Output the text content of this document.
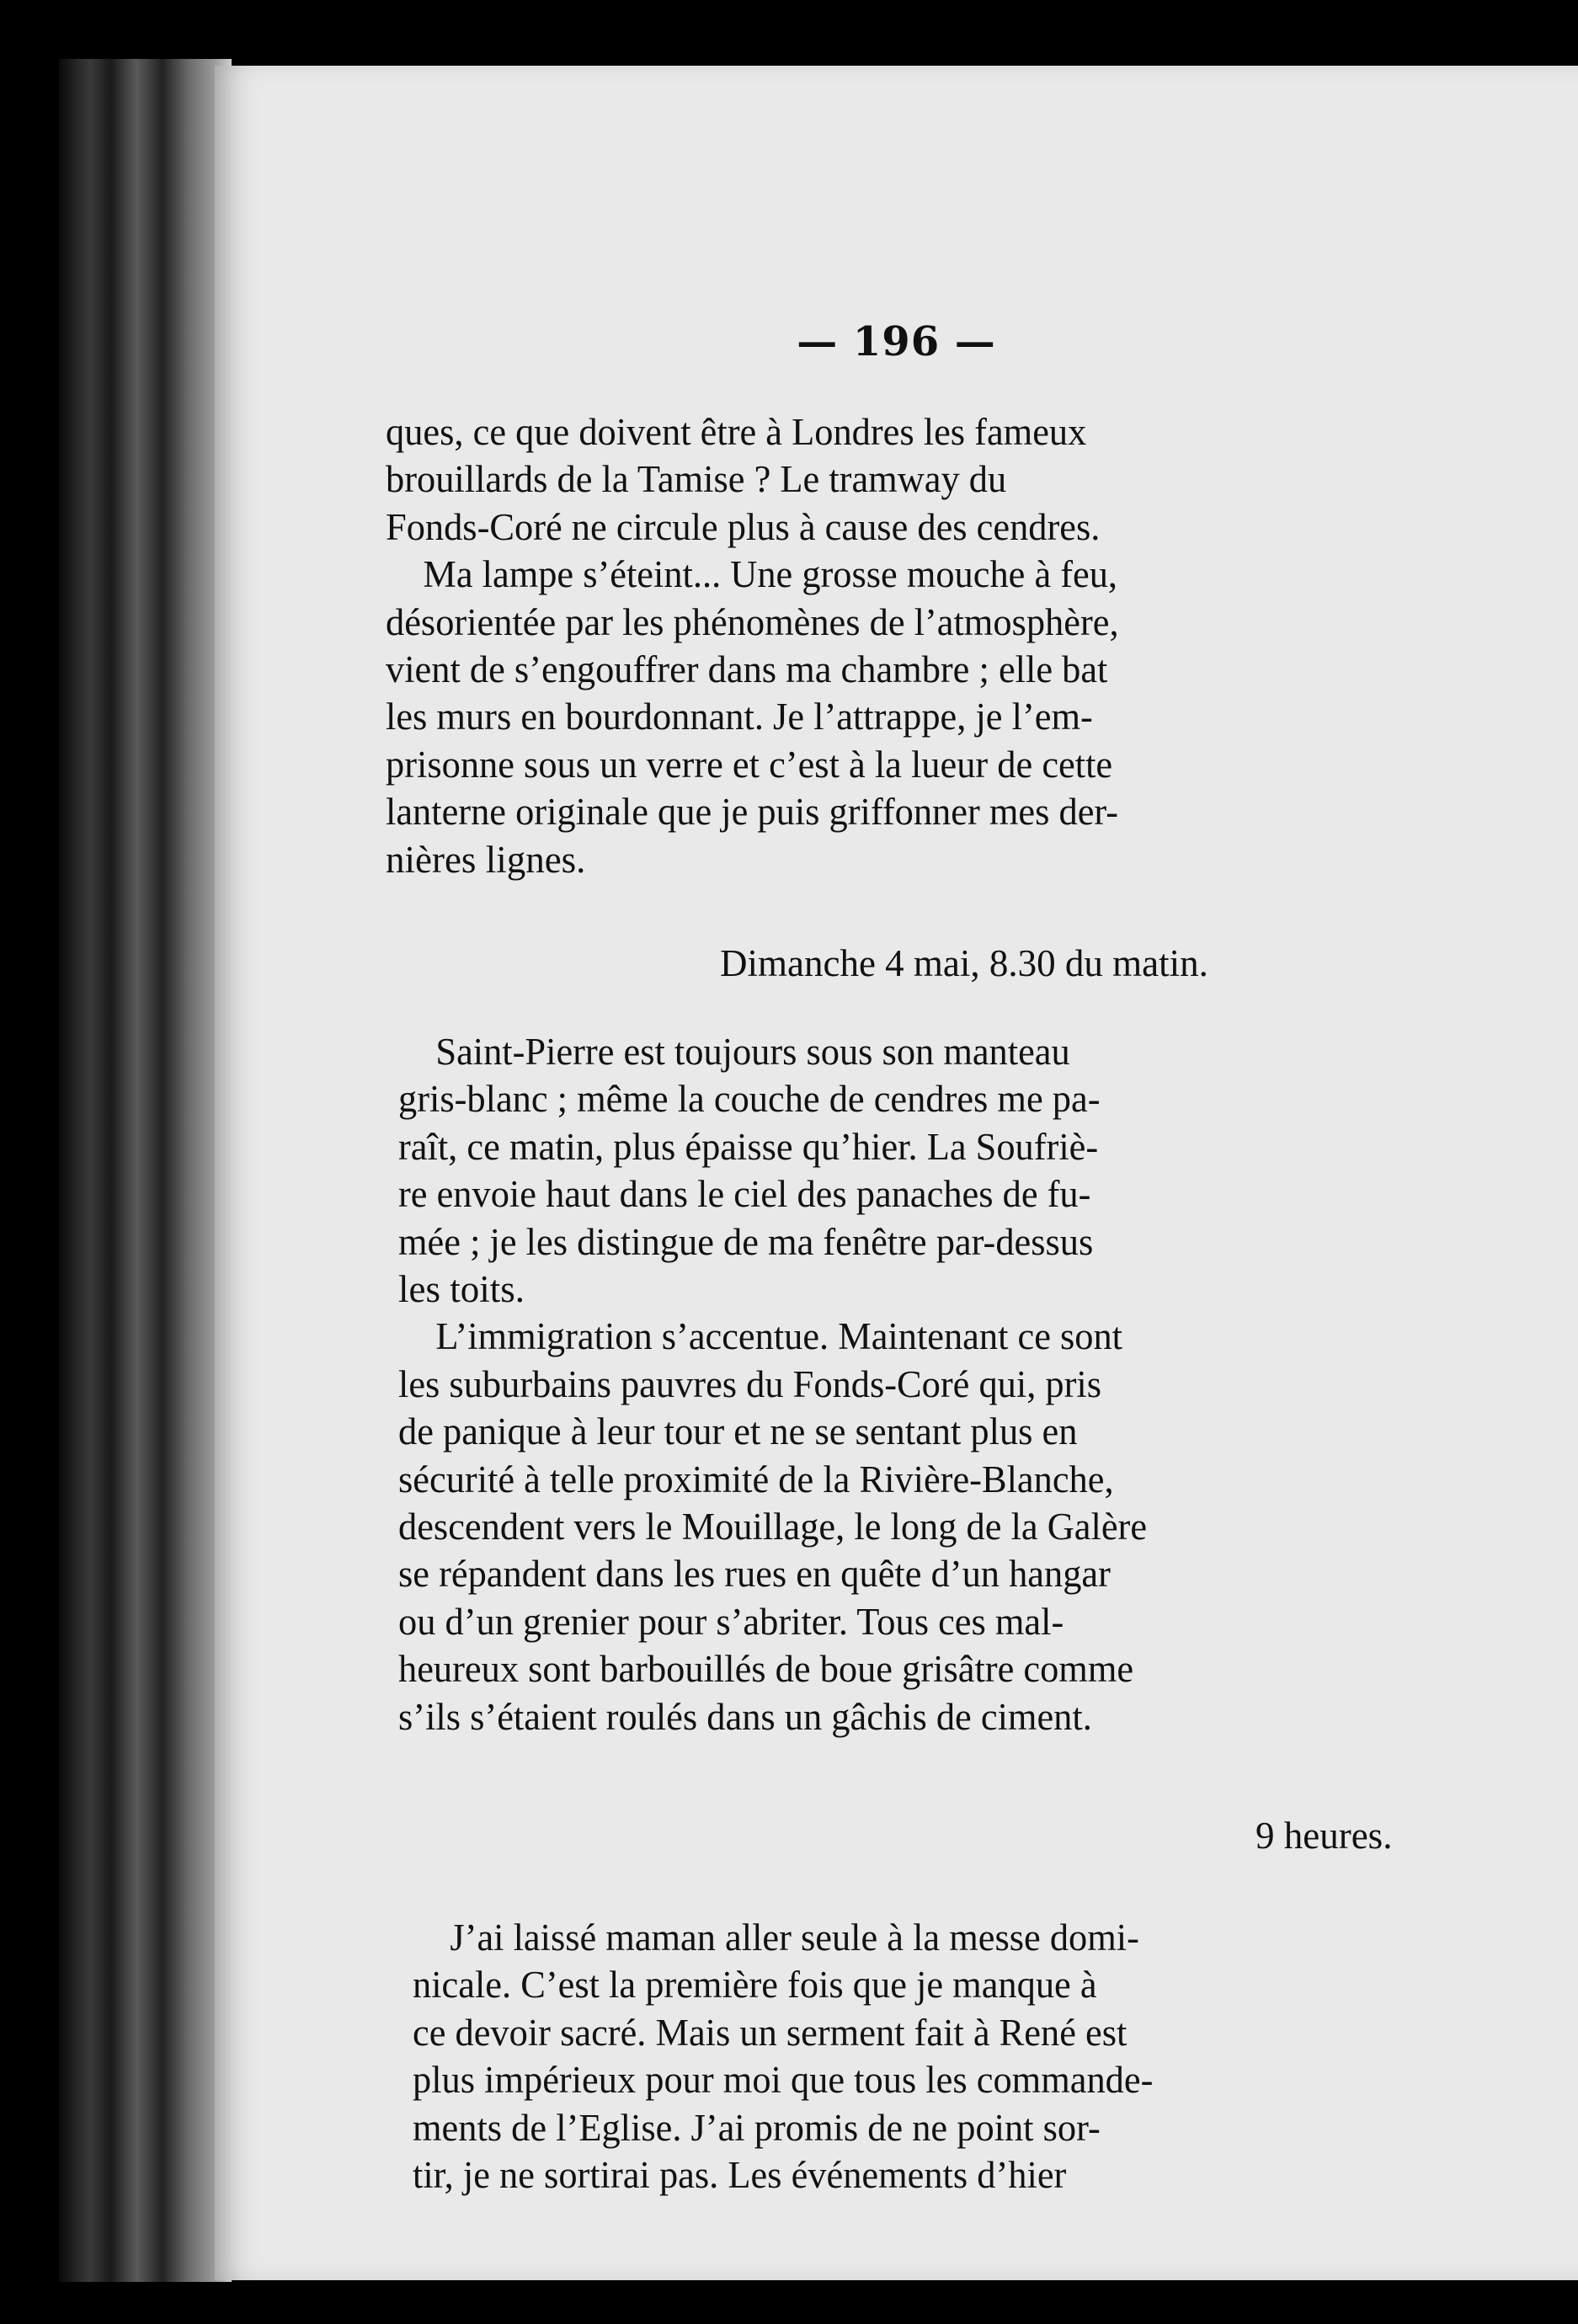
— 196 —
ques, ce que doivent être à Londres les fameux
brouillards de la Tamise ? Le tramway du
Fonds-Coré ne circule plus à cause des cendres.
Ma lampe s’éteint... Une grosse mouche à feu,
désorientée par les phénomènes de l’atmosphère,
vient de s’engouffrer dans ma chambre ; elle bat
les murs en bourdonnant. Je l’attrappe, je l’em-
prisonne sous un verre et c’est à la lueur de cette
lanterne originale que je puis griffonner mes der-
nières lignes.
Dimanche 4 mai, 8.30 du matin.
Saint-Pierre est toujours sous son manteau
gris-blanc ; même la couche de cendres me pa-
raît, ce matin, plus épaisse qu’hier. La Soufriè-
re envoie haut dans le ciel des panaches de fu-
mée ; je les distingue de ma fenêtre par-dessus
les toits.
L’immigration s’accentue. Maintenant ce sont
les suburbains pauvres du Fonds-Coré qui, pris
de panique à leur tour et ne se sentant plus en
sécurité à telle proximité de la Rivière-Blanche,
descendent vers le Mouillage, le long de la Galère
se répandent dans les rues en quête d’un hangar
ou d’un grenier pour s’abriter. Tous ces mal-
heureux sont barbouillés de boue grisâtre comme
s’ils s’étaient roulés dans un gâchis de ciment.
9 heures.
J’ai laissé maman aller seule à la messe domi-
nicale. C’est la première fois que je manque à
ce devoir sacré. Mais un serment fait à René est
plus impérieux pour moi que tous les commande-
ments de l’Eglise. J’ai promis de ne point sor-
tir, je ne sortirai pas. Les événements d’hier
